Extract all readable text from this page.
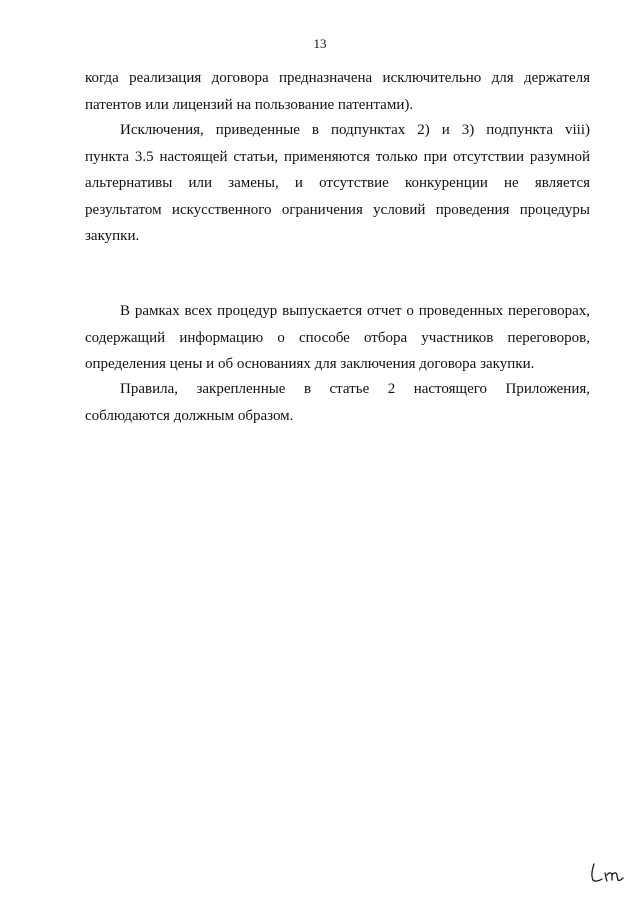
13

когда реализация договора предназначена исключительно для держателя
патентов или лицензий на пользование патентами).

Исключения, приведенные в подпунктах 2) и 3) подпункта viii)
пункта 3.5 настоящей статьи, применяются только при отсутствии разумной
альтернативы или замены, и отсутствие конкуренции не является
результатом искусственного ограничения условий проведения процедуры
закупки.

В рамках всех процедур выпускается отчет о проведенных переговорах,
содержащий информацию о способе отбора участников переговоров,
определения цены и об основаниях для заключения договора закупки.

Правила, закрепленные в статье 2 настоящего Приложения,
соблюдаются должным образом.
